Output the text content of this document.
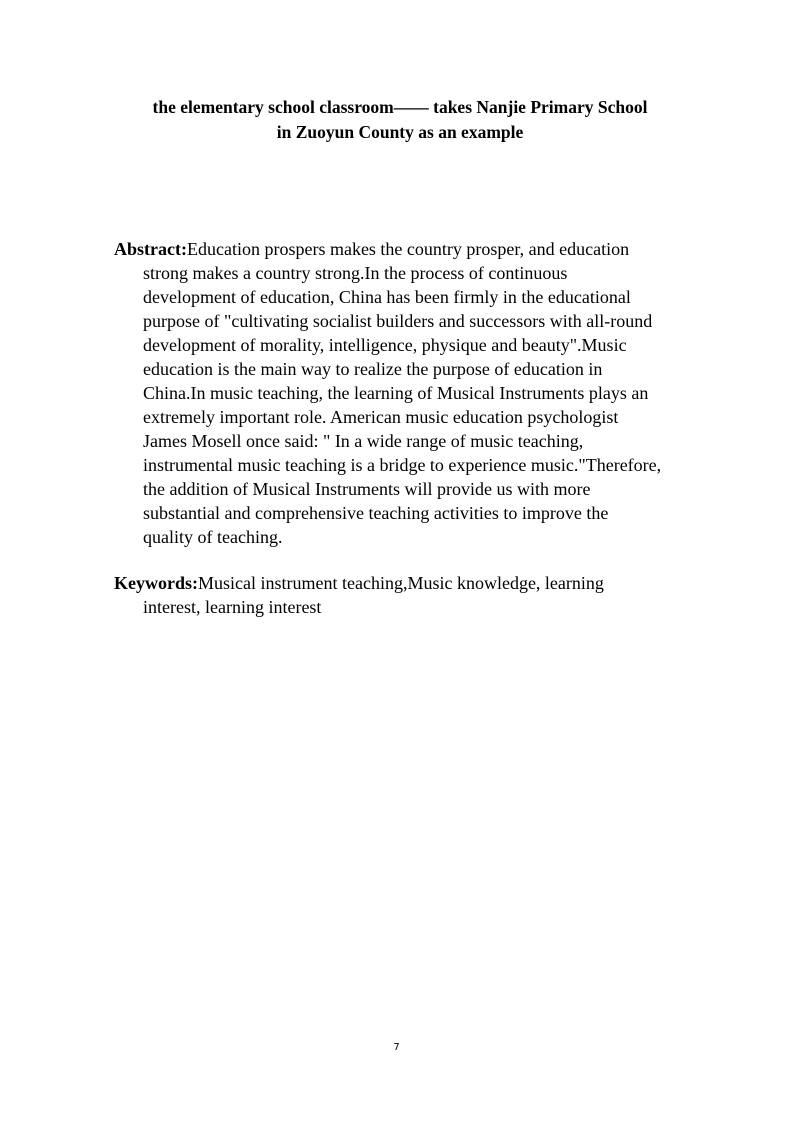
the elementary school classroom—— takes Nanjie Primary School
in Zuoyun County as an example
Abstract:Education prospers makes the country prosper, and education
strong makes a country strong.In the process of continuous
development of education, China has been firmly in the educational
purpose of "cultivating socialist builders and successors with all-round
development of morality, intelligence, physique and beauty".Music
education is the main way to realize the purpose of education in
China.In music teaching, the learning of Musical Instruments plays an
extremely important role. American music education psychologist
James Mosell once said: " In a wide range of music teaching,
instrumental music teaching is a bridge to experience music."Therefore,
the addition of Musical Instruments will provide us with more
substantial and comprehensive teaching activities to improve the
quality of teaching.
Keywords:Musical instrument teaching,Music knowledge, learning
interest, learning interest

7
